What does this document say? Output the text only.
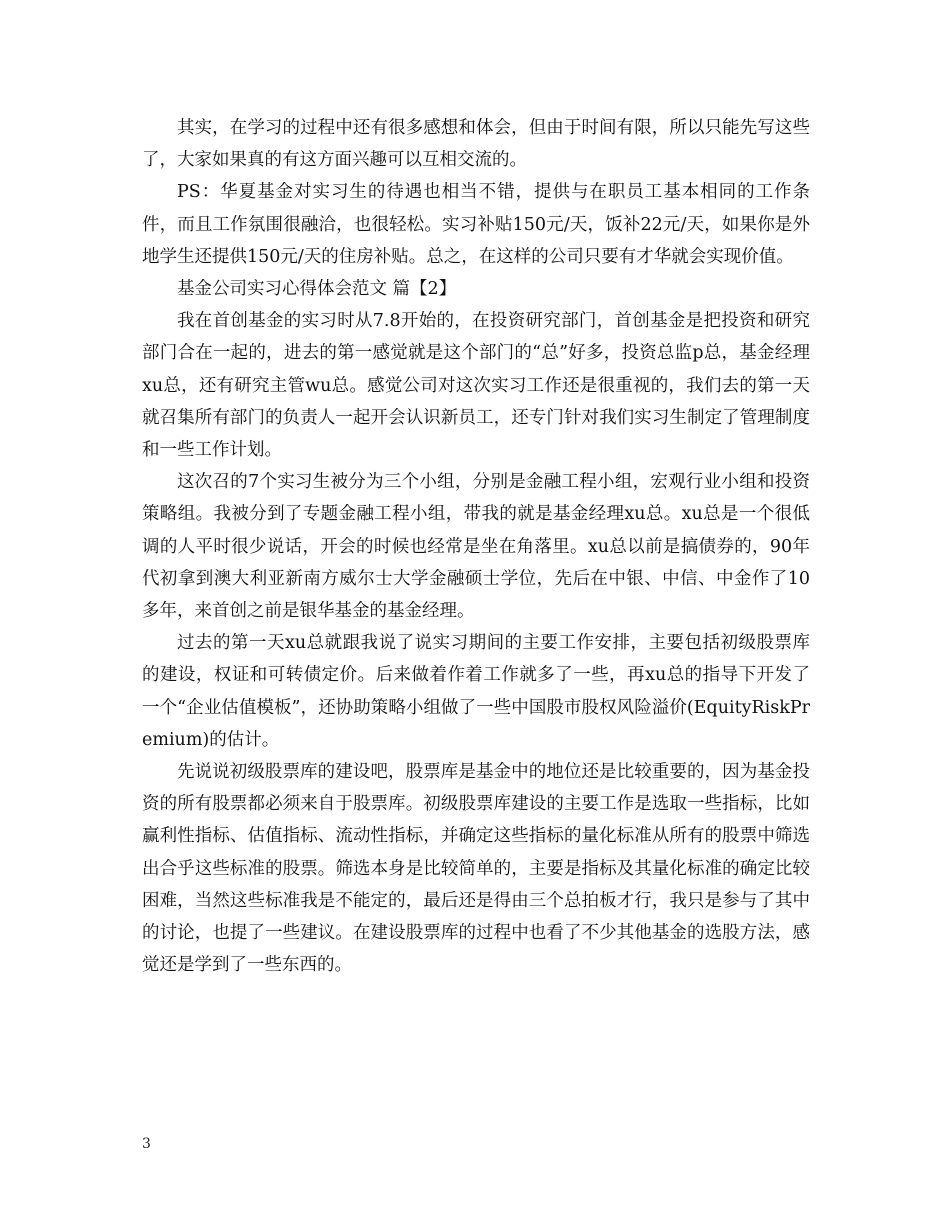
其实，在学习的过程中还有很多感想和体会，但由于时间有限，所以只能先写这些了，大家如果真的有这方面兴趣可以互相交流的。

PS：华夏基金对实习生的待遇也相当不错，提供与在职员工基本相同的工作条件，而且工作氛围很融洽，也很轻松。实习补贴150元/天，饭补22元/天，如果你是外地学生还提供150元/天的住房补贴。总之，在这样的公司只要有才华就会实现价值。

基金公司实习心得体会范文 篇【2】

我在首创基金的实习时从7.8开始的，在投资研究部门，首创基金是把投资和研究部门合在一起的，进去的第一感觉就是这个部门的“总”好多，投资总监p总，基金经理xu总，还有研究主管wu总。感觉公司对这次实习工作还是很重视的，我们去的第一天就召集所有部门的负责人一起开会认识新员工，还专门针对我们实习生制定了管理制度和一些工作计划。

这次召的7个实习生被分为三个小组，分别是金融工程小组，宏观行业小组和投资策略组。我被分到了专题金融工程小组，带我的就是基金经理xu总。xu总是一个很低调的人平时很少说话，开会的时候也经常是坐在角落里。xu总以前是搞债券的，90年代初拿到澳大利亚新南方威尔士大学金融硕士学位，先后在中银、中信、中金作了10多年，来首创之前是银华基金的基金经理。

过去的第一天xu总就跟我说了说实习期间的主要工作安排，主要包括初级股票库的建设，权证和可转债定价。后来做着作着工作就多了一些，再xu总的指导下开发了一个“企业估值模板”，还协助策略小组做了一些中国股市股权风险溢价(EquityRiskPremium)的估计。

先说说初级股票库的建设吧，股票库是基金中的地位还是比较重要的，因为基金投资的所有股票都必须来自于股票库。初级股票库建设的主要工作是选取一些指标，比如赢利性指标、估值指标、流动性指标，并确定这些指标的量化标准从所有的股票中筛选出合乎这些标准的股票。筛选本身是比较简单的，主要是指标及其量化标准的确定比较困难，当然这些标准我是不能定的，最后还是得由三个总拍板才行，我只是参与了其中的讨论，也提了一些建议。在建设股票库的过程中也看了不少其他基金的选股方法，感觉还是学到了一些东西的。

3
